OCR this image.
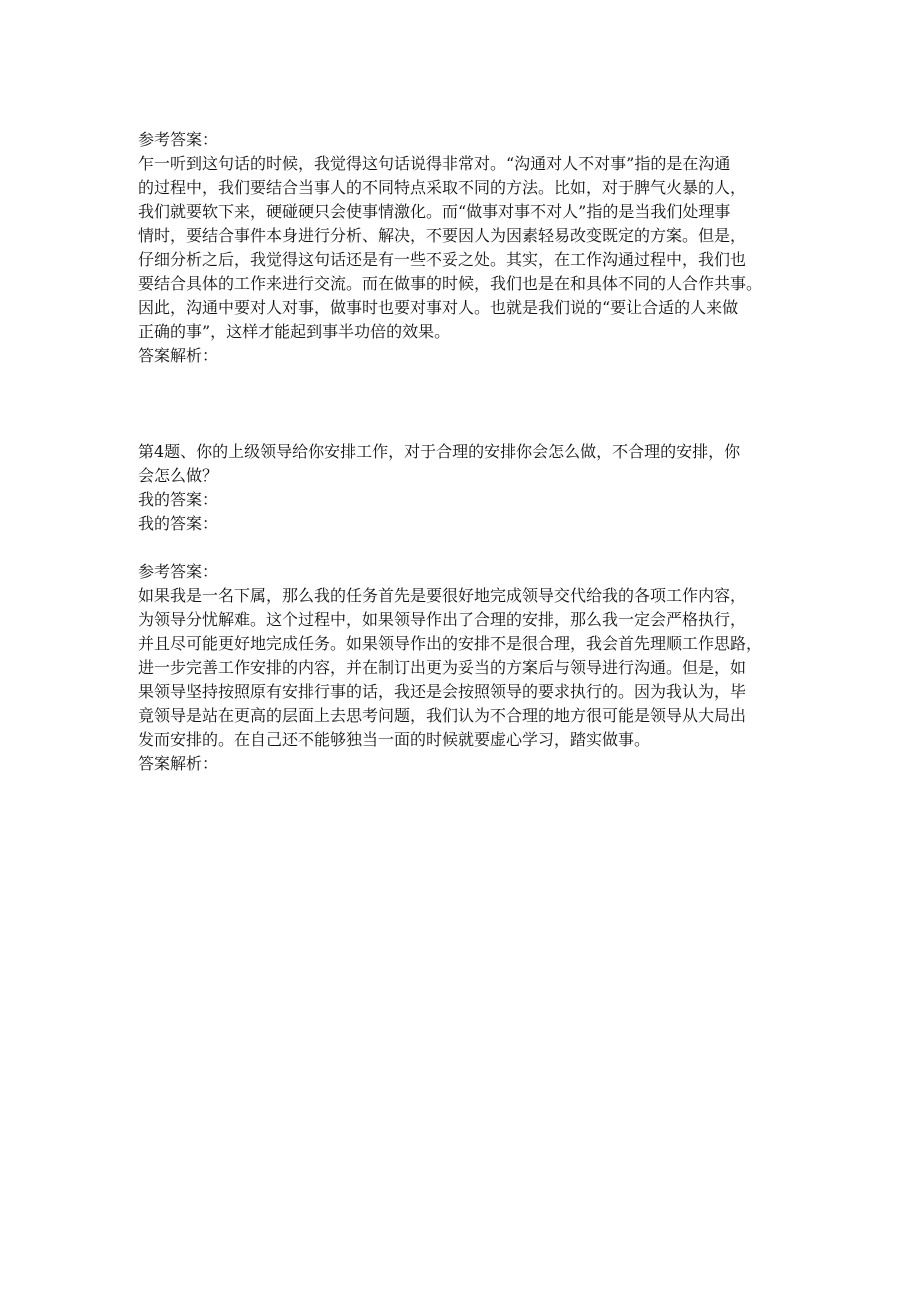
参考答案：
乍一听到这句话的时候，我觉得这句话说得非常对。“沟通对人不对事”指的是在沟通
的过程中，我们要结合当事人的不同特点采取不同的方法。比如，对于脾气火暴的人，
我们就要软下来，硬碰硬只会使事情激化。而“做事对事不对人”指的是当我们处理事
情时，要结合事件本身进行分析、解决，不要因人为因素轻易改变既定的方案。但是，
仔细分析之后，我觉得这句话还是有一些不妥之处。其实，在工作沟通过程中，我们也
要结合具体的工作来进行交流。而在做事的时候，我们也是在和具体不同的人合作共事。
因此，沟通中要对人对事，做事时也要对事对人。也就是我们说的“要让合适的人来做
正确的事”，这样才能起到事半功倍的效果。
答案解析：
第4题、你的上级领导给你安排工作，对于合理的安排你会怎么做，不合理的安排，你
会怎么做？
我的答案：
我的答案：
参考答案：
如果我是一名下属，那么我的任务首先是要很好地完成领导交代给我的各项工作内容，
为领导分忧解难。这个过程中，如果领导作出了合理的安排，那么我一定会严格执行，
并且尽可能更好地完成任务。如果领导作出的安排不是很合理，我会首先理顺工作思路，
进一步完善工作安排的内容，并在制订出更为妥当的方案后与领导进行沟通。但是，如
果领导坚持按照原有安排行事的话，我还是会按照领导的要求执行的。因为我认为，毕
竟领导是站在更高的层面上去思考问题，我们认为不合理的地方很可能是领导从大局出
发而安排的。在自己还不能够独当一面的时候就要虚心学习，踏实做事。
答案解析：
